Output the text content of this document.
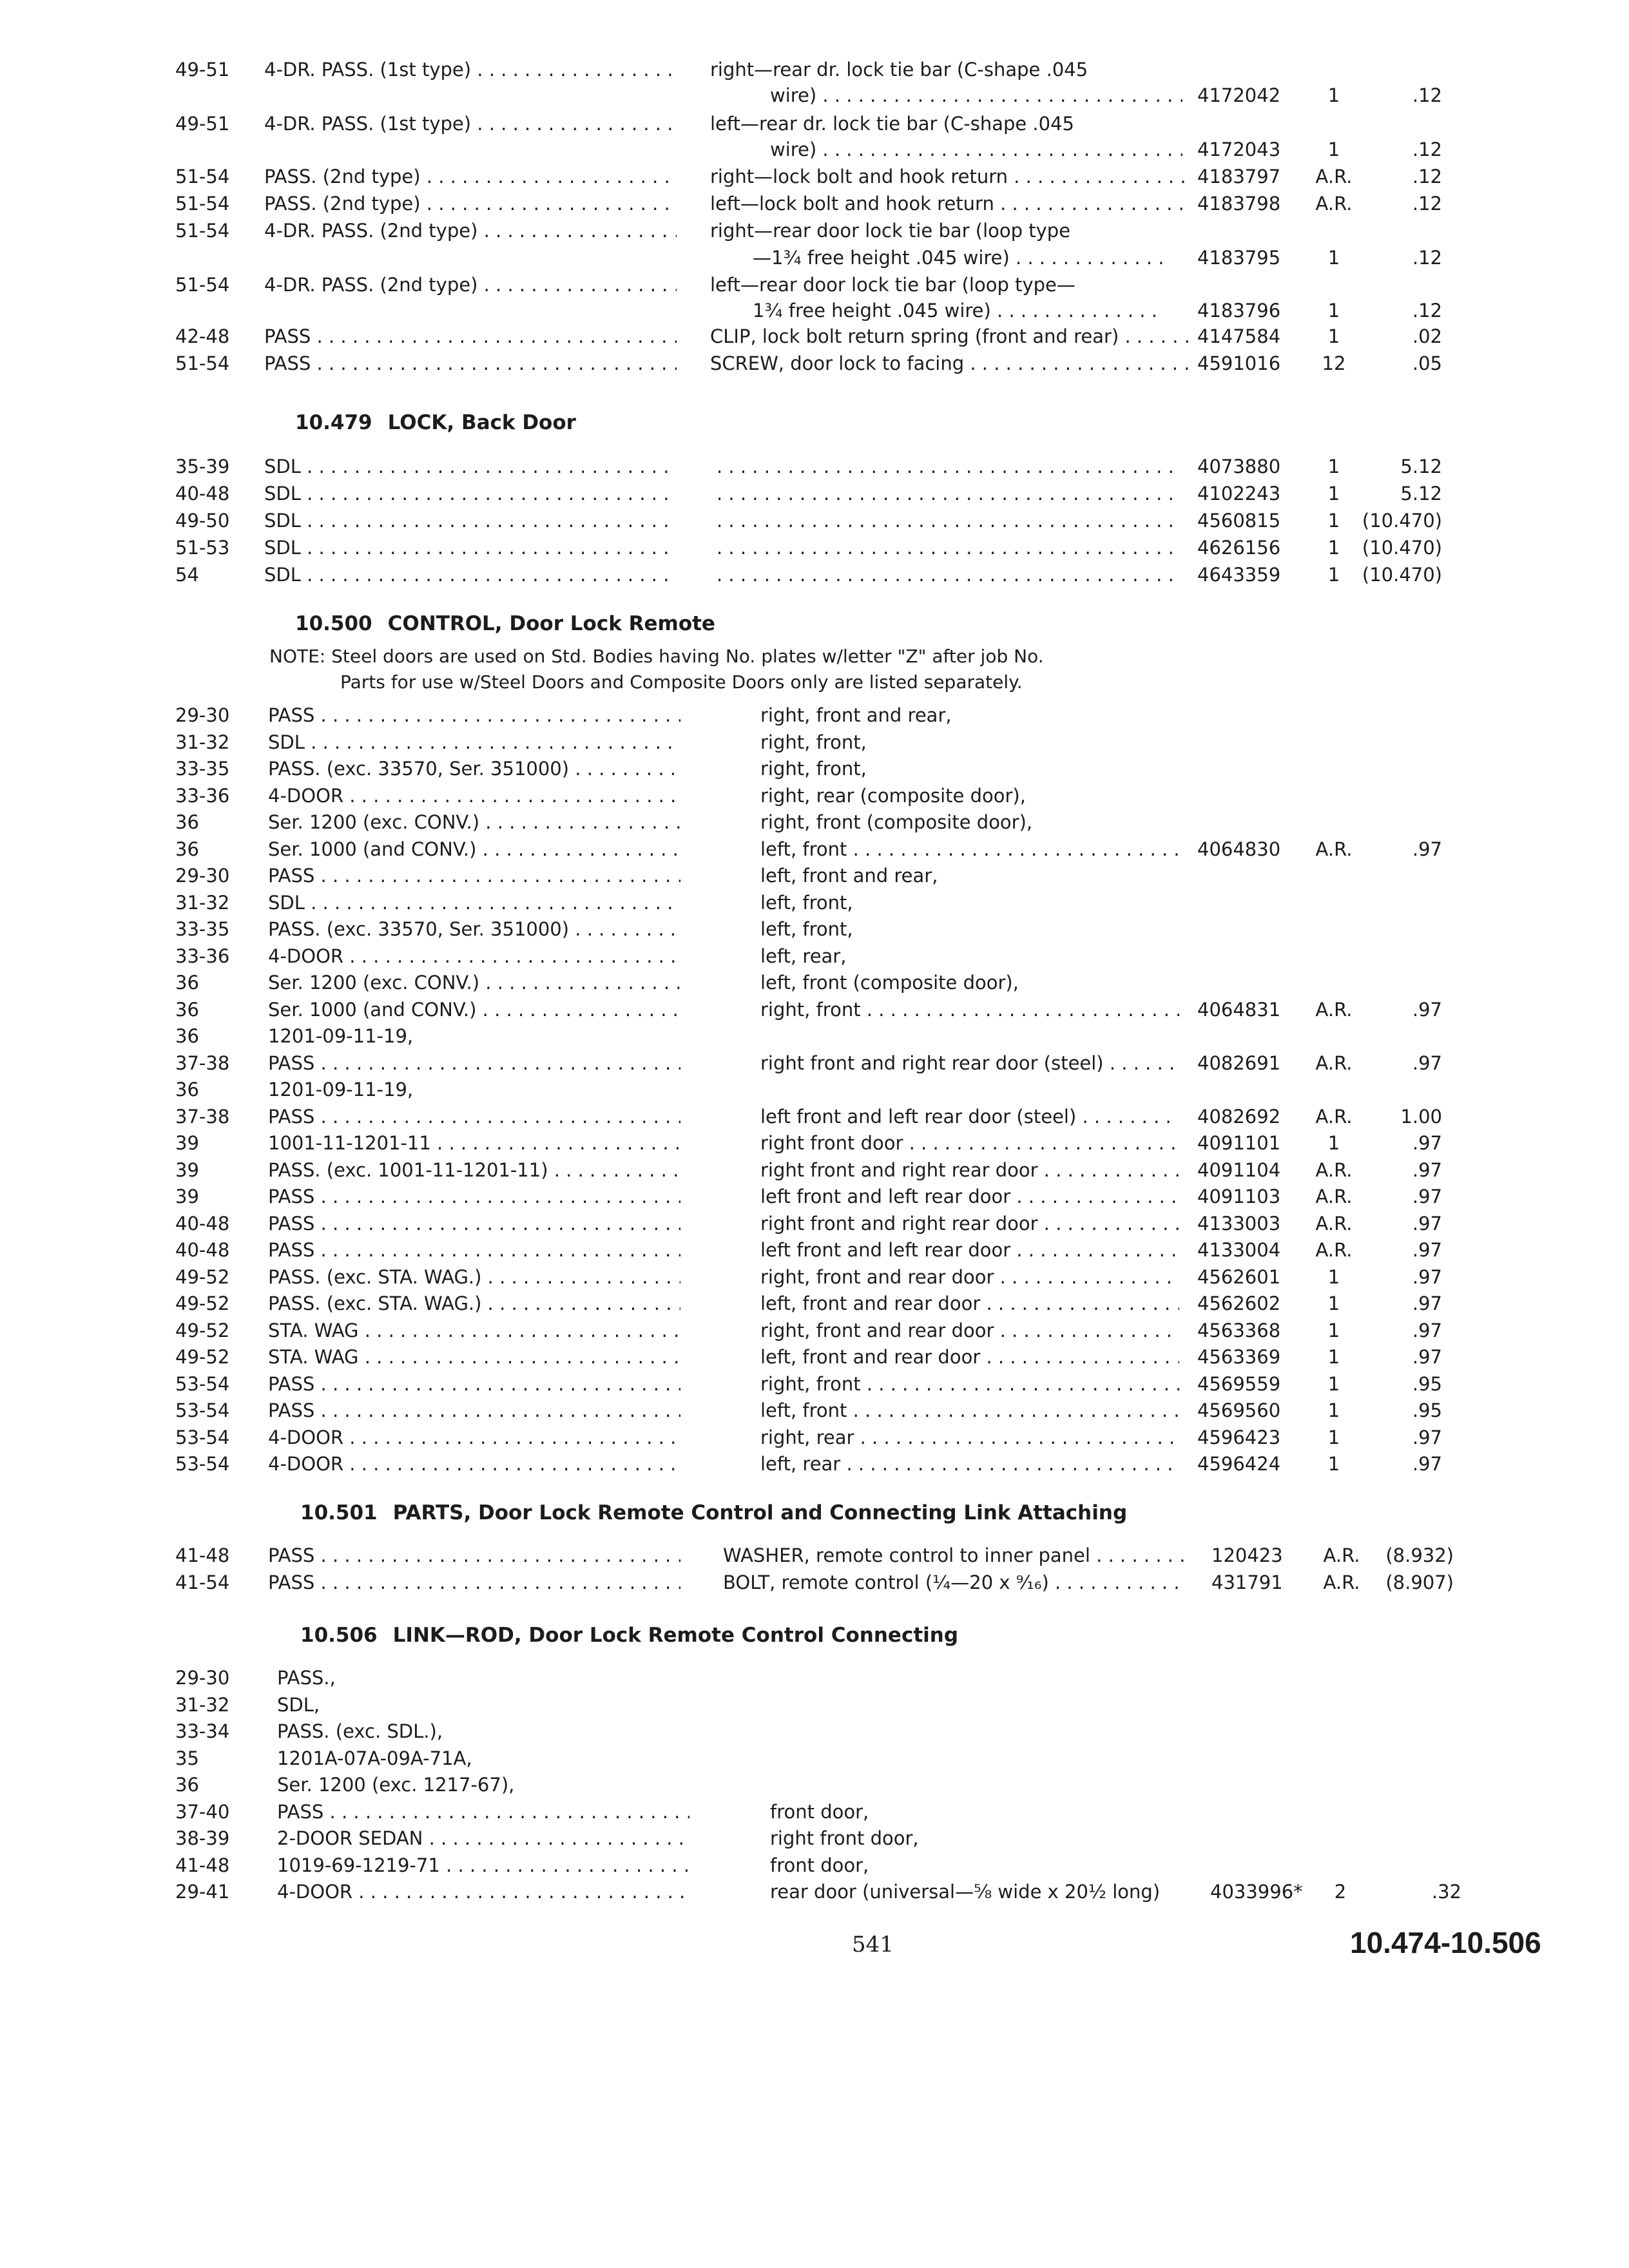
49-51 4-DR. PASS. (1st type) . . .	right—rear dr. lock tie bar (C-shape .045
wire) . . .	4172042	1	.12
49-51 4-DR. PASS. (1st type) . . .	left—rear dr. lock tie bar (C-shape .045
wire) . . .	4172043	1	.12
51-54 PASS. (2nd type) . . .	right—lock bolt and hook return . . .	4183797	A.R.	.12
51-54 PASS. (2nd type) . . .	left—lock bolt and hook return . . .	4183798	A.R.	.12
51-54 4-DR. PASS. (2nd type) . . .	right—rear door lock tie bar (loop type
—1¾ free height .045 wire) . . .	4183795	1	.12
51-54 4-DR. PASS. (2nd type) . . .	left—rear door lock tie bar (loop type—
1¾ free height .045 wire) . . .	4183796	1	.12
42-48 PASS . . .	CLIP, lock bolt return spring (front and rear) . . .	4147584	1	.02
51-54 PASS . . .	SCREW, door lock to facing . . .	4591016	12	.05
10.479 LOCK, Back Door
35-39 SDL . . . . . .	4073880	1	5.12
40-48 SDL . . . . . .	4102243	1	5.12
49-50 SDL . . . . . .	4560815	1	(10.470)
51-53 SDL . . . . . .	4626156	1	(10.470)
54	SDL . . . . . .	4643359	1	(10.470)
10.500 CONTROL, Door Lock Remote
NOTE: Steel doors are used on Std. Bodies having No. plates w/letter "Z" after job No.
Parts for use w/Steel Doors and Composite Doors only are listed separately.
29-30 PASS . . .	right, front and rear,
31-32 SDL . . .	right, front,
33-35 PASS. (exc. 33570, Ser. 351000) . . .	right, front,
33-36 4-DOOR . . .	right, rear (composite door),
36	Ser. 1200 (exc. CONV.) . . .	right, front (composite door),
36	Ser. 1000 (and CONV.) . . .	left, front . . .	4064830	A.R.	.97
29-30 PASS . . .	left, front and rear,
31-32 SDL . . .	left, front,
33-35 PASS. (exc. 33570, Ser. 351000) . . .	left, front,
33-36 4-DOOR . . .	left, rear,
36	Ser. 1200 (exc. CONV.) . . .	left, front (composite door),
36	Ser. 1000 (and CONV.) . . .	right, front . . .	4064831	A.R.	.97
36	1201-09-11-19,
37-38 PASS . . .	right front and right rear door (steel) . . .	4082691	A.R.	.97
36	1201-09-11-19,
37-38 PASS . . .	left front and left rear door (steel) . . .	4082692	A.R.	1.00
39	1001-11-1201-11 . . .	right front door . . .	4091101	1	.97
39	PASS. (exc. 1001-11-1201-11) . . .	right front and right rear door . . .	4091104	A.R.	.97
39	PASS . . .	left front and left rear door . . .	4091103	A.R.	.97
40-48 PASS . . .	right front and right rear door . . .	4133003	A.R.	.97
40-48 PASS . . .	left front and left rear door . . .	4133004	A.R.	.97
49-52 PASS. (exc. STA. WAG.) . . .	right, front and rear door . . .	4562601	1	.97
49-52 PASS. (exc. STA. WAG.) . . .	left, front and rear door . . .	4562602	1	.97
49-52 STA. WAG . . .	right, front and rear door . . .	4563368	1	.97
49-52 STA. WAG . . .	left, front and rear door . . .	4563369	1	.97
53-54 PASS . . .	right, front . . .	4569559	1	.95
53-54 PASS . . .	left, front . . .	4569560	1	.95
53-54 4-DOOR . . .	right, rear . . .	4596423	1	.97
53-54 4-DOOR . . .	left, rear . . .	4596424	1	.97
10.501 PARTS, Door Lock Remote Control and Connecting Link Attaching
41-48 PASS . . .	WASHER, remote control to inner panel . . .	120423	A.R.	(8.932)
41-54 PASS . . .	BOLT, remote control (¼—20 x ⁹⁄₁₆) . . .	431791	A.R.	(8.907)
10.506 LINK—ROD, Door Lock Remote Control Connecting
29-30	PASS.,
31-32	SDL,
33-34	PASS. (exc. SDL.),
35	1201A-07A-09A-71A,
36	Ser. 1200 (exc. 1217-67),
37-40	PASS . . .	front door,
38-39	2-DOOR SEDAN . . .	right front door,
41-48	1019-69-1219-71 . . .	front door,
29-41	4-DOOR . . .	rear door (universal—⅝ wide x 20½ long)	4033996*	2	.32
541	10.474-10.506
